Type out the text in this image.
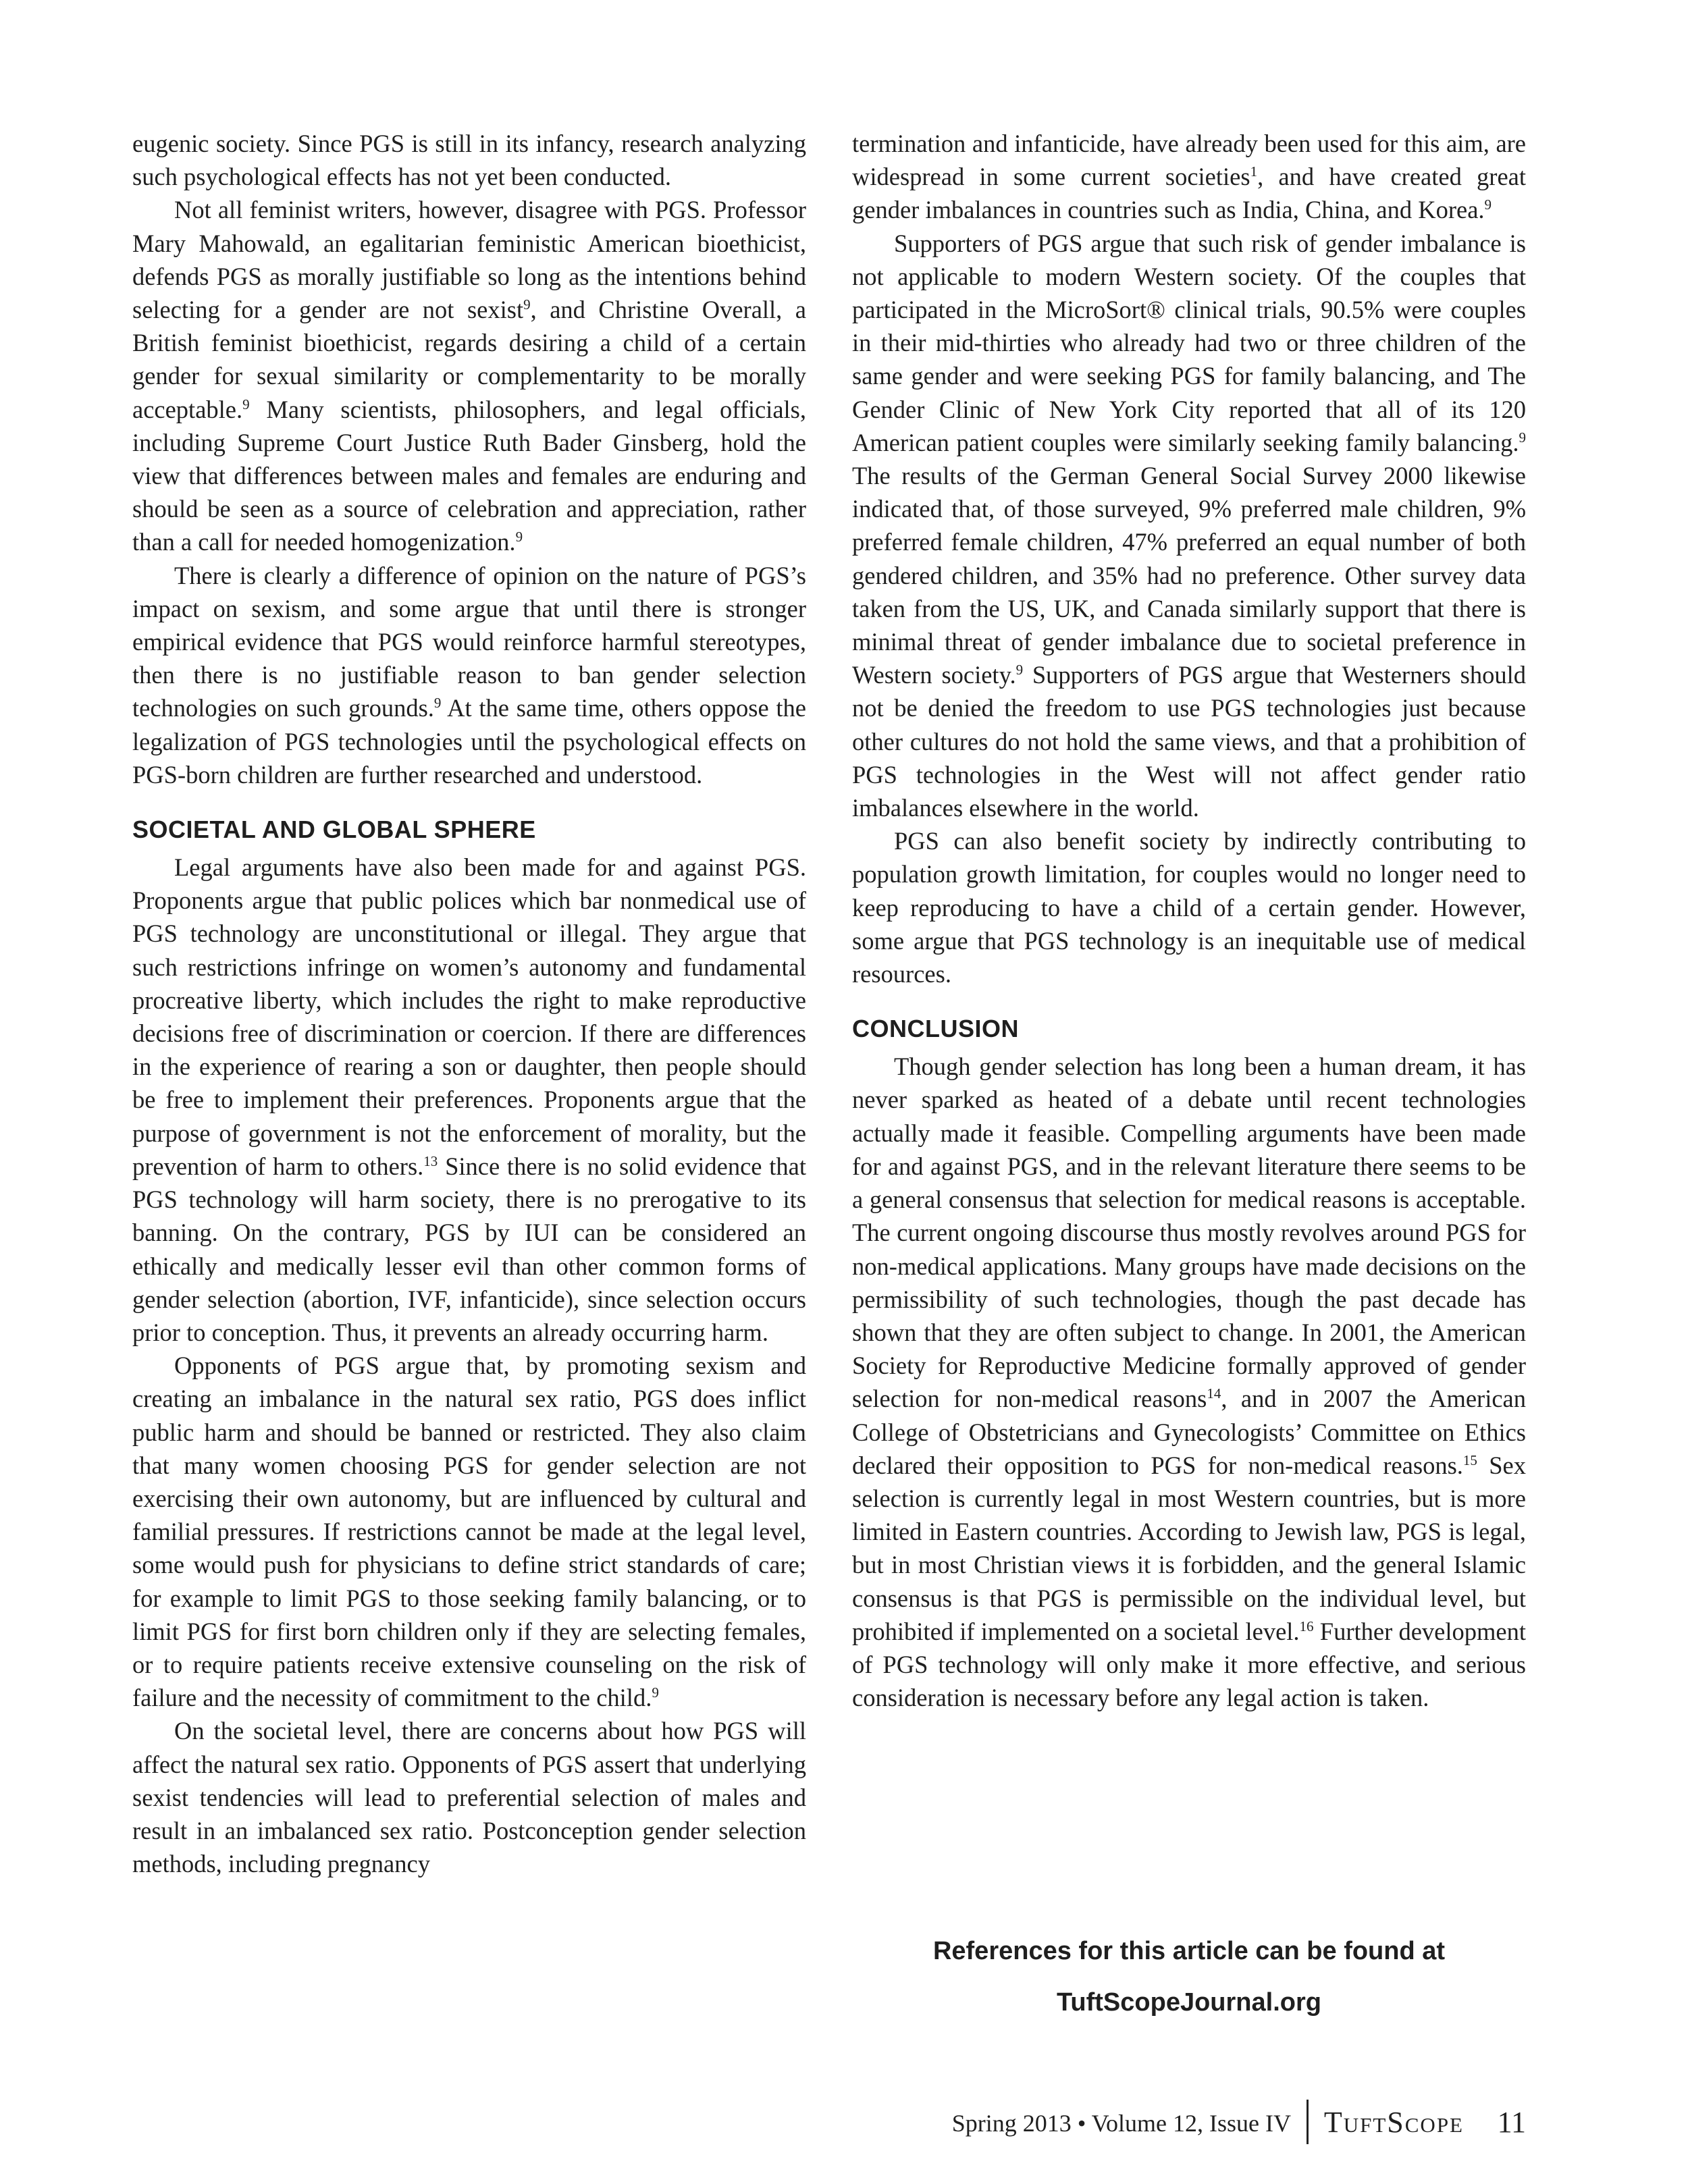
eugenic society. Since PGS is still in its infancy, research analyzing such psychological effects has not yet been conducted.

Not all feminist writers, however, disagree with PGS. Professor Mary Mahowald, an egalitarian feministic American bioethicist, defends PGS as morally justifiable so long as the intentions behind selecting for a gender are not sexist$^9$, and Christine Overall, a British feminist bioethicist, regards desiring a child of a certain gender for sexual similarity or complementarity to be morally acceptable.$^9$ Many scientists, philosophers, and legal officials, including Supreme Court Justice Ruth Bader Ginsberg, hold the view that differences between males and females are enduring and should be seen as a source of celebration and appreciation, rather than a call for needed homogenization.$^9$

There is clearly a difference of opinion on the nature of PGS’s impact on sexism, and some argue that until there is stronger empirical evidence that PGS would reinforce harmful stereotypes, then there is no justifiable reason to ban gender selection technologies on such grounds.$^9$ At the same time, others oppose the legalization of PGS technologies until the psychological effects on PGS-born children are further researched and understood.

SOCIETAL AND GLOBAL SPHERE

Legal arguments have also been made for and against PGS. Proponents argue that public polices which bar nonmedical use of PGS technology are unconstitutional or illegal. They argue that such restrictions infringe on women’s autonomy and fundamental procreative liberty, which includes the right to make reproductive decisions free of discrimination or coercion. If there are differences in the experience of rearing a son or daughter, then people should be free to implement their preferences. Proponents argue that the purpose of government is not the enforcement of morality, but the prevention of harm to others.$^{13}$ Since there is no solid evidence that PGS technology will harm society, there is no prerogative to its banning. On the contrary, PGS by IUI can be considered an ethically and medically lesser evil than other common forms of gender selection (abortion, IVF, infanticide), since selection occurs prior to conception. Thus, it prevents an already occurring harm.

Opponents of PGS argue that, by promoting sexism and creating an imbalance in the natural sex ratio, PGS does inflict public harm and should be banned or restricted. They also claim that many women choosing PGS for gender selection are not exercising their own autonomy, but are influenced by cultural and familial pressures. If restrictions cannot be made at the legal level, some would push for physicians to define strict standards of care; for example to limit PGS to those seeking family balancing, or to limit PGS for first born children only if they are selecting females, or to require patients receive extensive counseling on the risk of failure and the necessity of commitment to the child.$^9$

On the societal level, there are concerns about how PGS will affect the natural sex ratio. Opponents of PGS assert that underlying sexist tendencies will lead to preferential selection of males and result in an imbalanced sex ratio. Postconception gender selection methods, including pregnancy

termination and infanticide, have already been used for this aim, are widespread in some current societies$^1$, and have created great gender imbalances in countries such as India, China, and Korea.$^9$

Supporters of PGS argue that such risk of gender imbalance is not applicable to modern Western society. Of the couples that participated in the MicroSort® clinical trials, 90.5% were couples in their mid-thirties who already had two or three children of the same gender and were seeking PGS for family balancing, and The Gender Clinic of New York City reported that all of its 120 American patient couples were similarly seeking family balancing.$^9$ The results of the German General Social Survey 2000 likewise indicated that, of those surveyed, 9% preferred male children, 9% preferred female children, 47% preferred an equal number of both gendered children, and 35% had no preference. Other survey data taken from the US, UK, and Canada similarly support that there is minimal threat of gender imbalance due to societal preference in Western society.$^9$ Supporters of PGS argue that Westerners should not be denied the freedom to use PGS technologies just because other cultures do not hold the same views, and that a prohibition of PGS technologies in the West will not affect gender ratio imbalances elsewhere in the world.

PGS can also benefit society by indirectly contributing to population growth limitation, for couples would no longer need to keep reproducing to have a child of a certain gender. However, some argue that PGS technology is an inequitable use of medical resources.

CONCLUSION

Though gender selection has long been a human dream, it has never sparked as heated of a debate until recent technologies actually made it feasible. Compelling arguments have been made for and against PGS, and in the relevant literature there seems to be a general consensus that selection for medical reasons is acceptable. The current ongoing discourse thus mostly revolves around PGS for non-medical applications. Many groups have made decisions on the permissibility of such technologies, though the past decade has shown that they are often subject to change. In 2001, the American Society for Reproductive Medicine formally approved of gender selection for non-medical reasons$^{14}$, and in 2007 the American College of Obstetricians and Gynecologists’ Committee on Ethics declared their opposition to PGS for non-medical reasons.$^{15}$ Sex selection is currently legal in most Western countries, but is more limited in Eastern countries. According to Jewish law, PGS is legal, but in most Christian views it is forbidden, and the general Islamic consensus is that PGS is permissible on the individual level, but prohibited if implemented on a societal level.$^{16}$ Further development of PGS technology will only make it more effective, and serious consideration is necessary before any legal action is taken.

References for this article can be found at
TuftScopeJournal.org
Spring 2013 • Volume 12, Issue IV TuftScope 11
